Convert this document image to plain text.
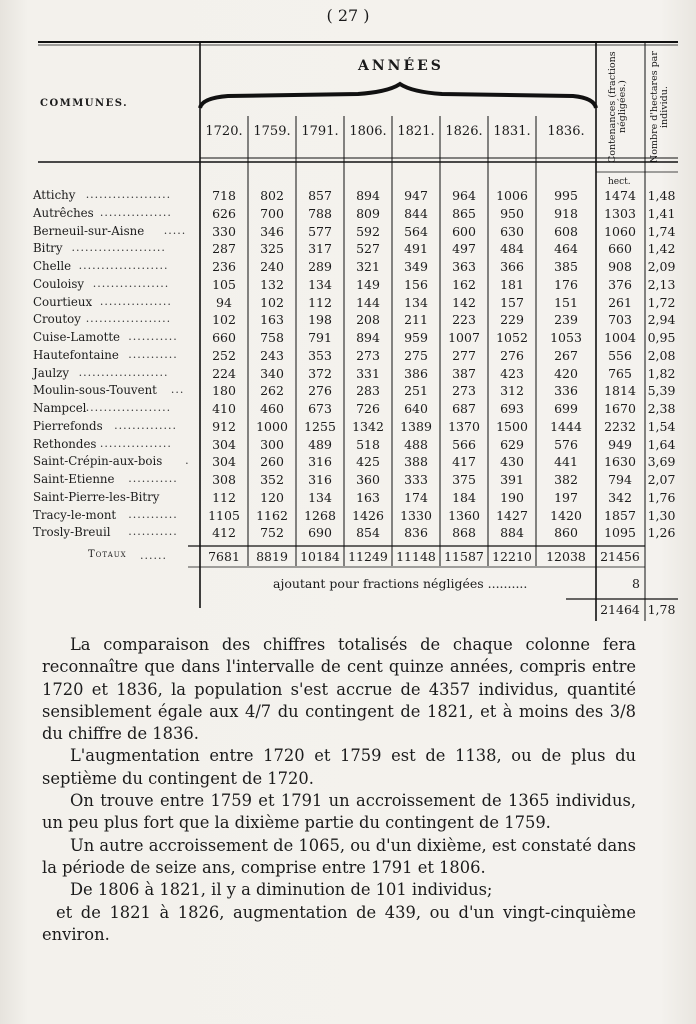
( 27 )
COMMUNES.
ANNÉES
1720. 1759. 1791. 1806. 1821. 1826. 1831.	1836.	Contenances (fractions négligées.) Nombre d'hectares par individu.
hect.
Attichy ...................	718	802	857	894	947	964	1006	995	1474 1,48
Autrêches ................	626	700	788	809	844	865	950	918	1303 1,41
Berneuil-sur-Aisne .....	330	346	577	592	564	600	630	608	1060 1,74
Bitry .....................	287	325	317	527	491	497	484	464	660	1,42
Chelle ....................	236	240	289	321	349	363	366	385	908	2,09
Couloisy .................	105	132	134	149	156	162	181	176	376	2,13
Courtieux ................	94	102	112	144	134	142	157	151	261	1,72
Croutoy ...................	102	163	198	208	211	223	229	239	703	2,94
Cuise-Lamotte ...........	660	758	791	894	959	1007	1052	1053	1004 0,95
Hautefontaine ...........	252	243	353	273	275	277	276	267	556	2,08
Jaulzy ....................	224	340	372	331	386	387	423	420	765	1,82
Moulin-sous-Touvent ...	180	262	276	283	251	273	312	336	1814 5,39
Nampcel ...................	410	460	673	726	640	687	693	699	1670 2,38
Pierrefonds ..............	912	1000	1255	1342	1389	1370	1500	1444	2232 1,54
Rethondes ................	304	300	489	518	488	566	629	576	949	1,64
Saint-Crépin-aux-bois .	304	260	316	425	388	417	430	441	1630 3,69
Saint-Etienne ...........	308	352	316	360	333	375	391	382	794	2,07
Saint-Pierre-les-Bitry	112	120	134	163	174	184	190	197	342	1,76
Tracy-le-mont ...........	1105	1162	1268	1426	1330	1360	1427	1420	1857 1,30
Trosly-Breuil ...........	412	752	690	854	836	868	884	860	1095 1,26
Totaux ......	7681	8819 10184 11249 11148 11587 12210	12038	21456
ajoutant pour fractions négligées ..........	8
21464 1,78

La comparaison des chiffres totalisés de chaque colonne fera reconnaître que dans l'intervalle de cent quinze années, compris entre 1720 et 1836, la population s'est accrue de 4357 individus, quantité sensiblement égale aux 4/7 du contingent de 1821, et à moins des 3/8 du chiffre de 1836.

L'augmentation entre 1720 et 1759 est de 1138, ou de plus du septième du contingent de 1720.

On trouve entre 1759 et 1791 un accroissement de 1365 individus, un peu plus fort que la dixième partie du contingent de 1759.

Un autre accroissement de 1065, ou d'un dixième, est constaté dans la période de seize ans, comprise entre 1791 et 1806.

De 1806 à 1821, il y a diminution de 101 individus;

et de 1821 à 1826, augmentation de 439, ou d'un vingt-cinquième environ.
